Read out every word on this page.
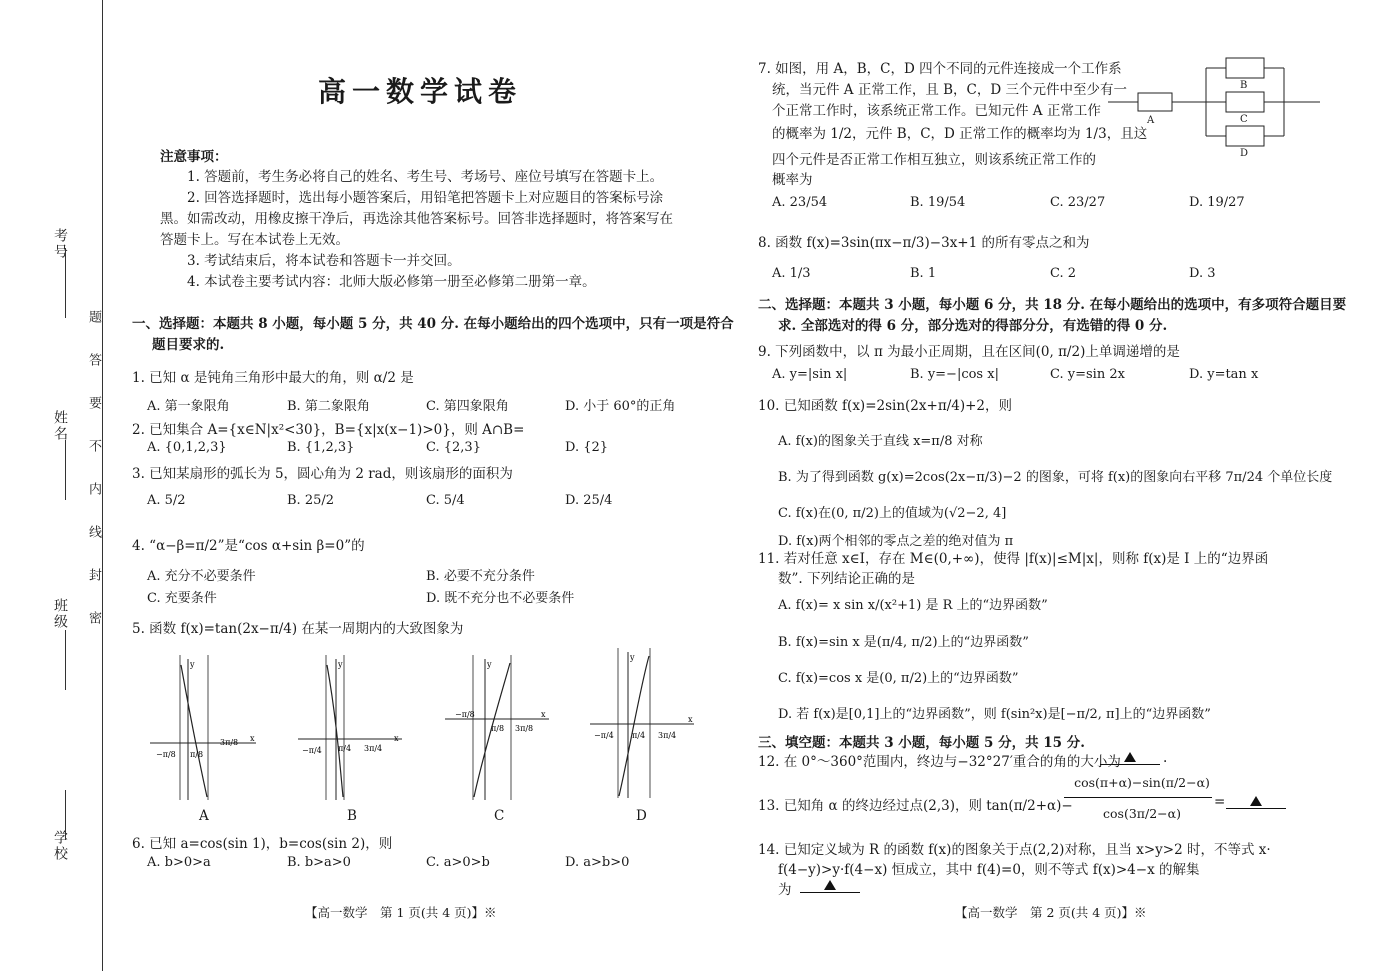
考号
姓名
班级
学校
题答要不内线封密
高一数学试卷
注意事项：
1. 答题前，考生务必将自己的姓名、考生号、考场号、座位号填写在答题卡上。
2. 回答选择题时，选出每小题答案后，用铅笔把答题卡上对应题目的答案标号涂
黑。如需改动，用橡皮擦干净后，再选涂其他答案标号。回答非选择题时，将答案写在
答题卡上。写在本试卷上无效。
3. 考试结束后，将本试卷和答题卡一并交回。
4. 本试卷主要考试内容：北师大版必修第一册至必修第二册第一章。
一、选择题：本题共 8 小题，每小题 5 分，共 40 分. 在每小题给出的四个选项中，只有一项是符合
题目要求的.
1. 已知 α 是钝角三角形中最大的角，则 α/2 是
A. 第一象限角	B. 第二象限角	C. 第四象限角	D. 小于 60°的正角
2. 已知集合 A={x∈N|x²<30}，B={x|x(x−1)>0}，则 A∩B=
A. {0,1,2,3}	B. {1,2,3}	C. {2,3}	D. {2}
3. 已知某扇形的弧长为 5，圆心角为 2 rad，则该扇形的面积为
A. 5/2	B. 25/2	C. 5/4	D. 25/4
4. “α−β=π/2”是“cos α+sin β=0”的
A. 充分不必要条件	B. 必要不充分条件
C. 充要条件	D. 既不充分也不必要条件
5. 函数 f(x)=tan(2x−π/4) 在某一周期内的大致图象为
−π/8 π/8
3π/8 x
y
A
−π/4 π/4 3π/4
x
y
B
−π/8
π/8 3π/8
x
y
C
−π/4 π/4 3π/4
x
y
D
6. 已知 a=cos(sin 1)，b=cos(sin 2)，则
A. b>0>a	B. b>a>0	C. a>0>b	D. a>b>0
【高一数学　第 1 页(共 4 页)】※
7. 如图，用 A，B，C，D 四个不同的元件连接成一个工作系
统，当元件 A 正常工作，且 B，C，D 三个元件中至少有一
个正常工作时，该系统正常工作。已知元件 A 正常工作
的概率为 1/2，元件 B，C，D 正常工作的概率均为 1/3，且这
四个元件是否正常工作相互独立，则该系统正常工作的
概率为
A
B
C
D
A. 23/54	B. 19/54	C. 23/27	D. 19/27
8. 函数 f(x)=3sin(πx−π/3)−3x+1 的所有零点之和为
A. 1/3	B. 1	C. 2	D. 3
二、选择题：本题共 3 小题，每小题 6 分，共 18 分. 在每小题给出的选项中，有多项符合题目要
求. 全部选对的得 6 分，部分选对的得部分分，有选错的得 0 分.
9. 下列函数中，以 π 为最小正周期，且在区间(0, π/2)上单调递增的是
A. y=|sin x|	B. y=−|cos x|	C. y=sin 2x	D. y=tan x
10. 已知函数 f(x)=2sin(2x+π/4)+2，则
A. f(x)的图象关于直线 x=π/8 对称
B. 为了得到函数 g(x)=2cos(2x−π/3)−2 的图象，可将 f(x)的图象向右平移 7π/24 个单位长度
C. f(x)在(0, π/2)上的值域为(√2−2, 4]
D. f(x)两个相邻的零点之差的绝对值为 π
11. 若对任意 x∈I，存在 M∈(0,+∞)，使得 |f(x)|≤M|x|，则称 f(x)是 I 上的“边界函
数”. 下列结论正确的是
A. f(x)= x sin x/(x²+1) 是 R 上的“边界函数”
B. f(x)=sin x 是(π/4, π/2)上的“边界函数”
C. f(x)=cos x 是(0, π/2)上的“边界函数”
D. 若 f(x)是[0,1]上的“边界函数”，则 f(sin²x)是[−π/2, π]上的“边界函数”
三、填空题：本题共 3 小题，每小题 5 分，共 15 分.
12. 在 0°～360°范围内，终边与−32°27′重合的角的大小为	.
13. 已知角 α 的终边经过点(2,3)，则 tan(π/2+α)−
cos(π+α)−sin(π/2−α)
cos(3π/2−α)
=
14. 已知定义域为 R 的函数 f(x)的图象关于点(2,2)对称，且当 x>y>2 时，不等式 x·
f(4−y)>y·f(4−x) 恒成立，其中 f(4)=0，则不等式 f(x)>4−x 的解集
为
【高一数学　第 2 页(共 4 页)】※
